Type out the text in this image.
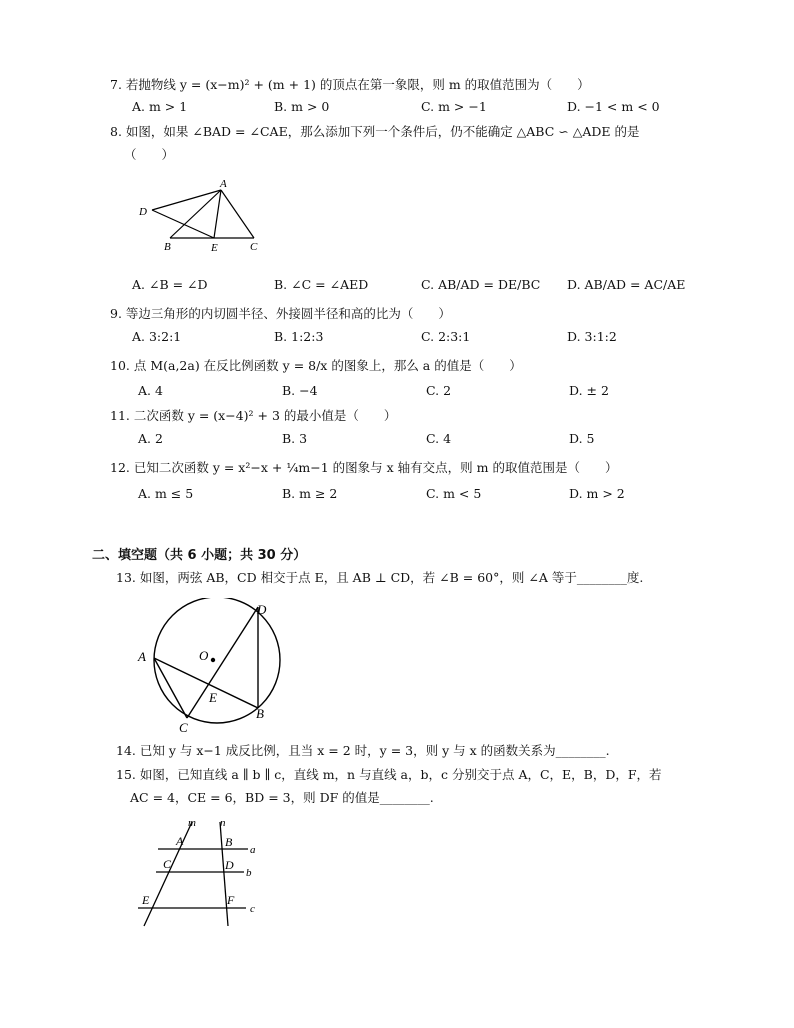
7. 若抛物线 y = (x−m)² + (m + 1) 的顶点在第一象限，则 m 的取值范围为（　　）
A. m > 1	B. m > 0	C. m > −1	D. −1 < m < 0
8. 如图，如果 ∠BAD = ∠CAE，那么添加下列一个条件后，仍不能确定 △ABC ∽ △ADE 的是
（　　）
A
D
B	E	C
A. ∠B = ∠D	B. ∠C = ∠AED	C. AB/AD = DE/BC D. AB/AD = AC/AE
9. 等边三角形的内切圆半径、外接圆半径和高的比为（　　）
A. 3:2:1	B. 1:2:3	C. 2:3:1	D. 3:1:2
10. 点 M(a,2a) 在反比例函数 y = 8/x 的图象上，那么 a 的值是（　　）
A. 4	B. −4	C. 2	D. ± 2
11. 二次函数 y = (x−4)² + 3 的最小值是（　　）
A. 2	B. 3	C. 4	D. 5
12. 已知二次函数 y = x²−x + ¼m−1 的图象与 x 轴有交点，则 m 的取值范围是（　　）
A. m ≤ 5	B. m ≥ 2	C. m < 5	D. m > 2
二、填空题（共 6 小题；共 30 分）
13. 如图，两弦 AB，CD 相交于点 E，且 AB ⊥ CD，若 ∠B = 60°，则 ∠A 等于________度.
O
A
D
E
B
C
14. 已知 y 与 x−1 成反比例，且当 x = 2 时，y = 3，则 y 与 x 的函数关系为________.
15. 如图，已知直线 a ∥ b ∥ c，直线 m，n 与直线 a，b，c 分别交于点 A，C，E，B，D，F，若
AC = 4，CE = 6，BD = 3，则 DF 的值是________.
m n
A	B
a
C	D
b
E	F
c
